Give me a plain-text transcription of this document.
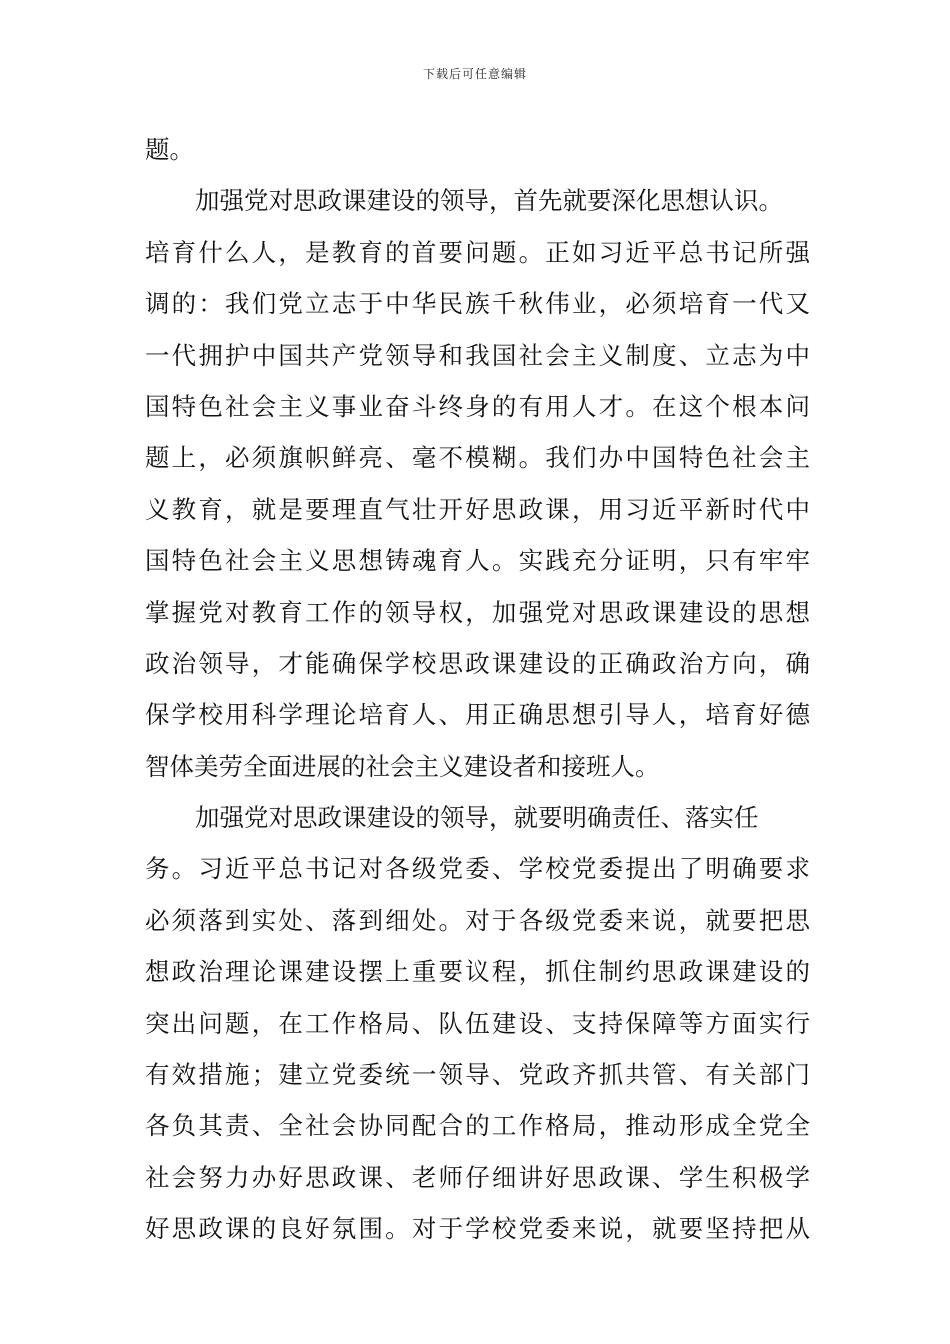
下载后可任意编辑
题。
加强党对思政课建设的领导，首先就要深化思想认识。
培育什么人，是教育的首要问题。正如习近平总书记所强
调的：我们党立志于中华民族千秋伟业，必须培育一代又
一代拥护中国共产党领导和我国社会主义制度、立志为中
国特色社会主义事业奋斗终身的有用人才。在这个根本问
题上，必须旗帜鲜亮、毫不模糊。我们办中国特色社会主
义教育，就是要理直气壮开好思政课，用习近平新时代中
国特色社会主义思想铸魂育人。实践充分证明，只有牢牢
掌握党对教育工作的领导权，加强党对思政课建设的思想
政治领导，才能确保学校思政课建设的正确政治方向，确
保学校用科学理论培育人、用正确思想引导人，培育好德
智体美劳全面进展的社会主义建设者和接班人。
加强党对思政课建设的领导，就要明确责任、落实任
务。习近平总书记对各级党委、学校党委提出了明确要求
必须落到实处、落到细处。对于各级党委来说，就要把思
想政治理论课建设摆上重要议程，抓住制约思政课建设的
突出问题，在工作格局、队伍建设、支持保障等方面实行
有效措施；建立党委统一领导、党政齐抓共管、有关部门
各负其责、全社会协同配合的工作格局，推动形成全党全
社会努力办好思政课、老师仔细讲好思政课、学生积极学
好思政课的良好氛围。对于学校党委来说，就要坚持把从
